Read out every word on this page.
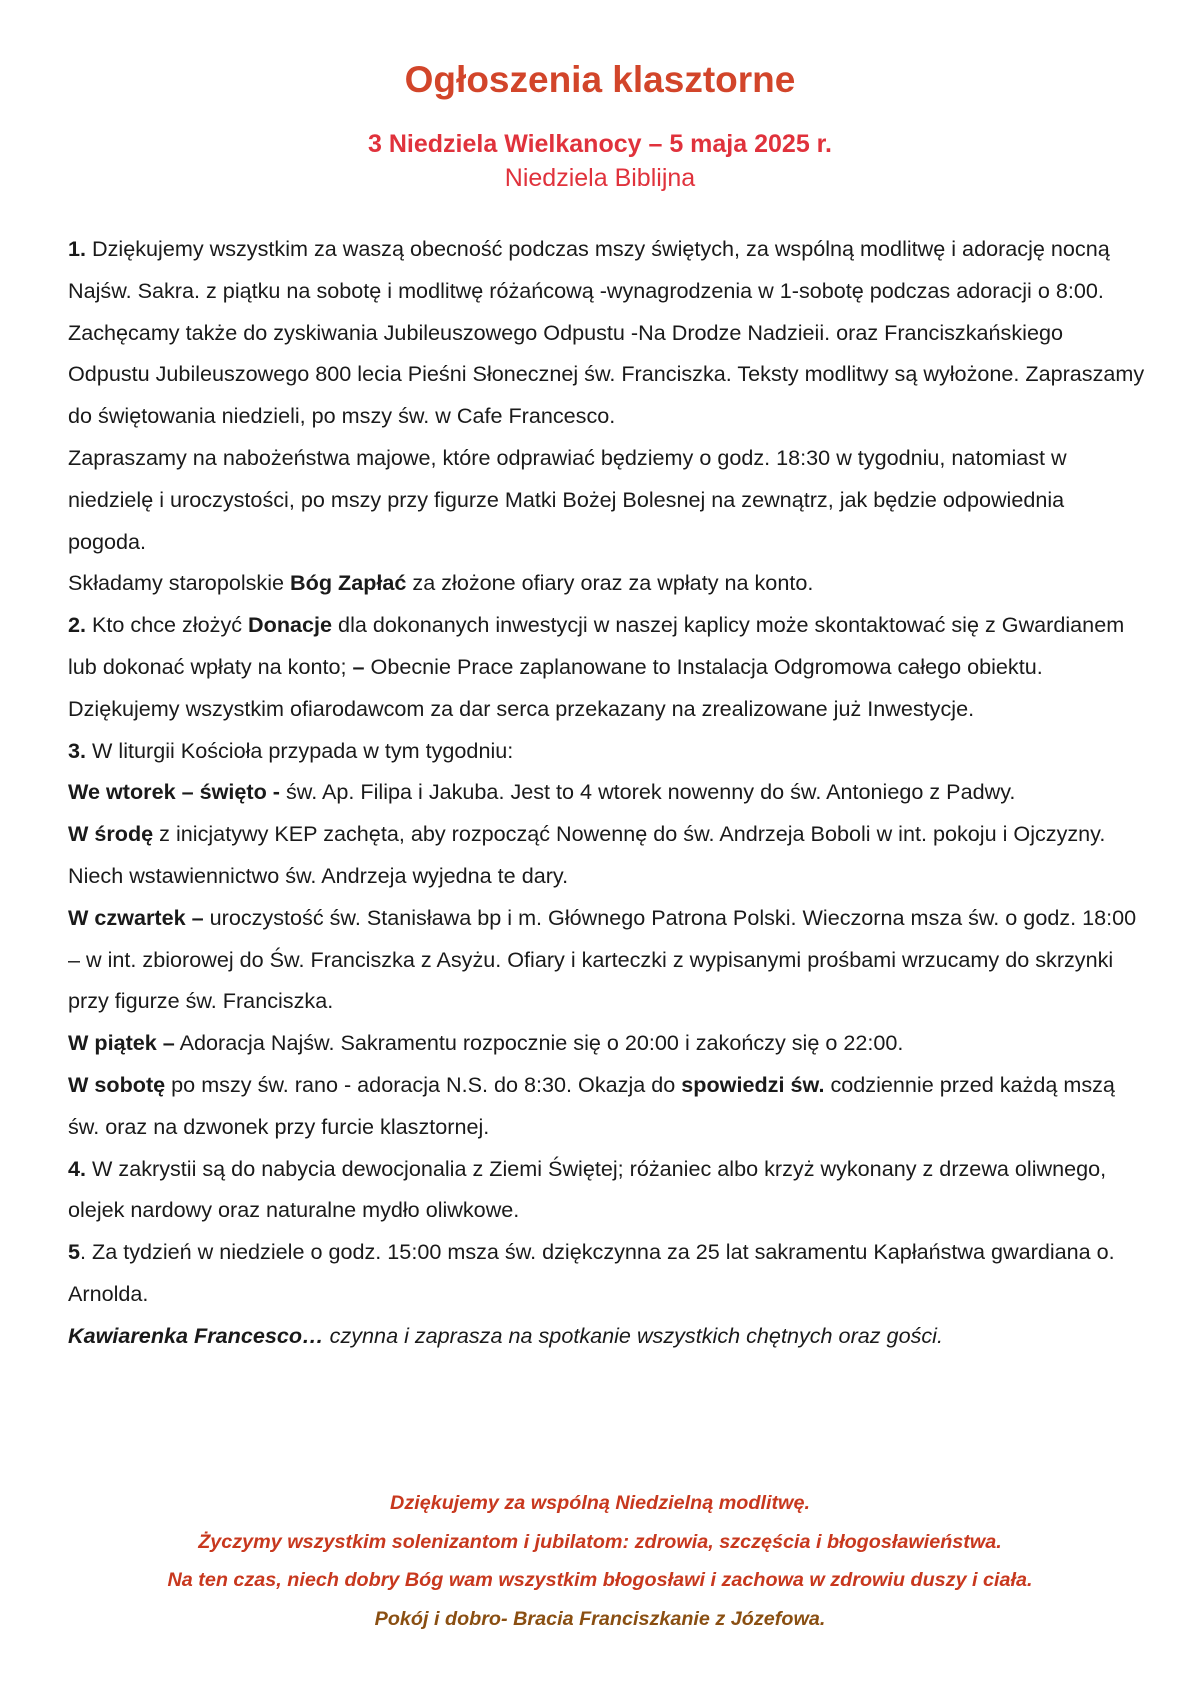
Ogłoszenia klasztorne

3 Niedziela Wielkanocy – 5 maja 2025 r.

Niedziela Biblijna

1. Dziękujemy wszystkim za waszą obecność podczas mszy świętych, za wspólną modlitwę i adorację nocną Najśw. Sakra. z piątku na sobotę i modlitwę różańcową -wynagrodzenia w 1-sobotę podczas adoracji o 8:00. Zachęcamy także do zyskiwania Jubileuszowego Odpustu -Na Drodze Nadzieii. oraz Franciszkańskiego Odpustu Jubileuszowego 800 lecia Pieśni Słonecznej św. Franciszka. Teksty modlitwy są wyłożone. Zapraszamy do świętowania niedzieli, po mszy św. w Cafe Francesco.

Zapraszamy na nabożeństwa majowe, które odprawiać będziemy o godz. 18:30 w tygodniu, natomiast w niedzielę i uroczystości, po mszy przy figurze Matki Bożej Bolesnej na zewnątrz, jak będzie odpowiednia pogoda.

Składamy staropolskie Bóg Zapłać za złożone ofiary oraz za wpłaty na konto.

2. Kto chce złożyć Donacje dla dokonanych inwestycji w naszej kaplicy może skontaktować się z Gwardianem lub dokonać wpłaty na konto; – Obecnie Prace zaplanowane to Instalacja Odgromowa całego obiektu. Dziękujemy wszystkim ofiarodawcom za dar serca przekazany na zrealizowane już Inwestycje.

3. W liturgii Kościoła przypada w tym tygodniu:

We wtorek – święto - św. Ap. Filipa i Jakuba. Jest to 4 wtorek nowenny do św. Antoniego z Padwy.

W środę z inicjatywy KEP zachęta, aby rozpocząć Nowennę do św. Andrzeja Boboli w int. pokoju i Ojczyzny. Niech wstawiennictwo św. Andrzeja wyjedna te dary.

W czwartek – uroczystość św. Stanisława bp i m. Głównego Patrona Polski. Wieczorna msza św. o godz. 18:00 – w int. zbiorowej do Św. Franciszka z Asyżu. Ofiary i karteczki z wypisanymi prośbami wrzucamy do skrzynki przy figurze św. Franciszka.

W piątek – Adoracja Najśw. Sakramentu rozpocznie się o 20:00 i zakończy się o 22:00.

W sobotę po mszy św. rano - adoracja N.S. do 8:30. Okazja do spowiedzi św. codziennie przed każdą mszą św. oraz na dzwonek przy furcie klasztornej.

4. W zakrystii są do nabycia dewocjonalia z Ziemi Świętej; różaniec albo krzyż wykonany z drzewa oliwnego, olejek nardowy oraz naturalne mydło oliwkowe.

5. Za tydzień w niedziele o godz. 15:00 msza św. dziękczynna za 25 lat sakramentu Kapłaństwa gwardiana o. Arnolda.

Kawiarenka Francesco… czynna i zaprasza na spotkanie wszystkich chętnych oraz gości.

Dziękujemy za wspólną Niedzielną modlitwę.

Życzymy wszystkim solenizantom i jubilatom: zdrowia, szczęścia i błogosławieństwa.

Na ten czas, niech dobry Bóg wam wszystkim błogosławi i zachowa w zdrowiu duszy i ciała.

Pokój i dobro- Bracia Franciszkanie z Józefowa.
